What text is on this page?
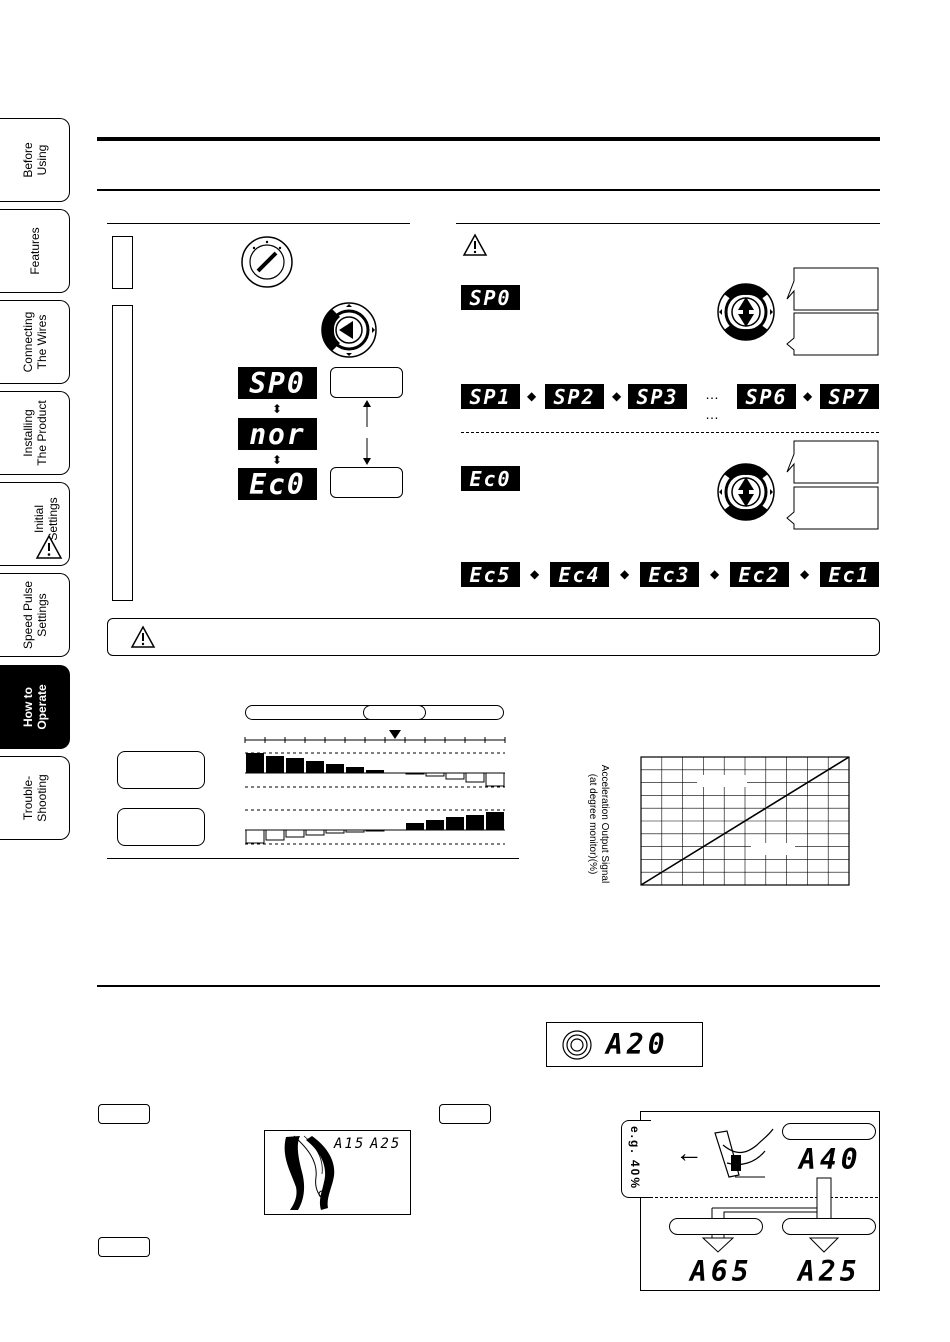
Before Using
Features
Connecting The Wires
Installing The Product
Initial Settings
Speed Pulse Settings
How to Operate
Trouble- Shooting
SP0
⬍
nor
⬍
Ec0
SP0
SP1	◆ SP2	◆ SP3	…
…
SP6	◆ SP7
Ec0
Ec5	◆ Ec4	◆ Ec3	◆ Ec2	◆ Ec1
Acceleration Output Signal
(at degree monitor)(%)
A20
A15 A25	e.g. 40% ←	A40
A65 A25
